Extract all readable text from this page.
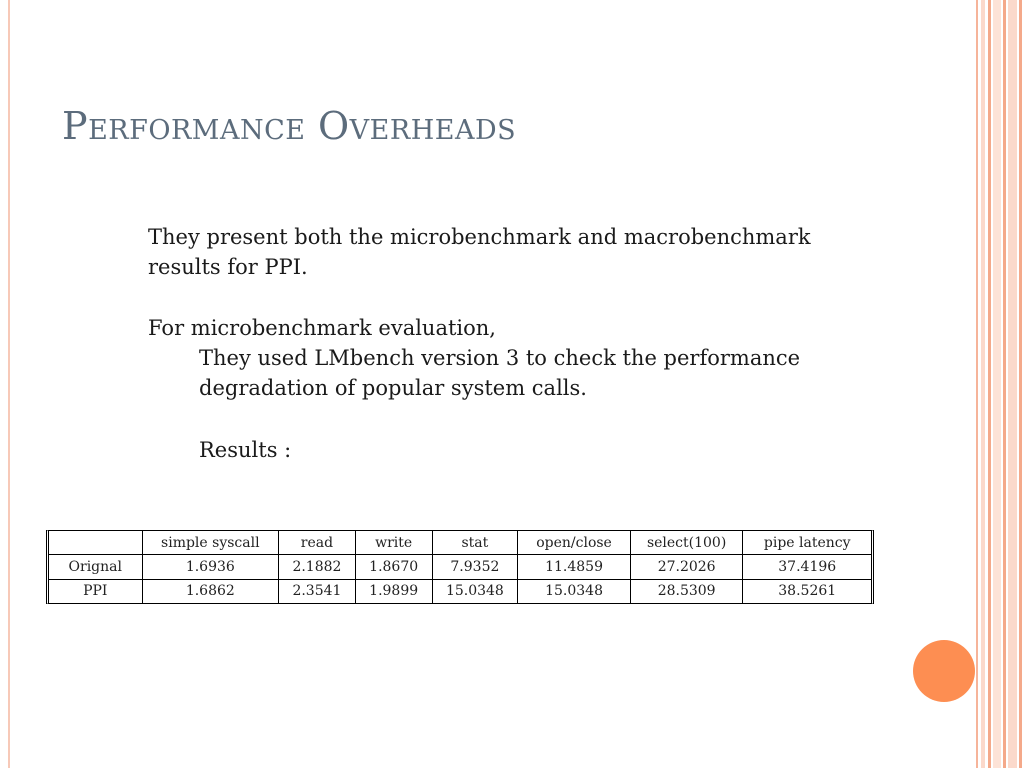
Performance Overheads
They present both the microbenchmark and macrobenchmark
results for PPI.
For microbenchmark evaluation,
They used LMbench version 3 to check the performance
degradation of popular system calls.
Results :
	simple syscall	read	write	stat	open/close	select(100)	pipe latency
Orignal	1.6936	2.1882	1.8670	7.9352	11.4859	27.2026	37.4196
PPI	1.6862	2.3541	1.9899	15.0348	15.0348	28.5309	38.5261
